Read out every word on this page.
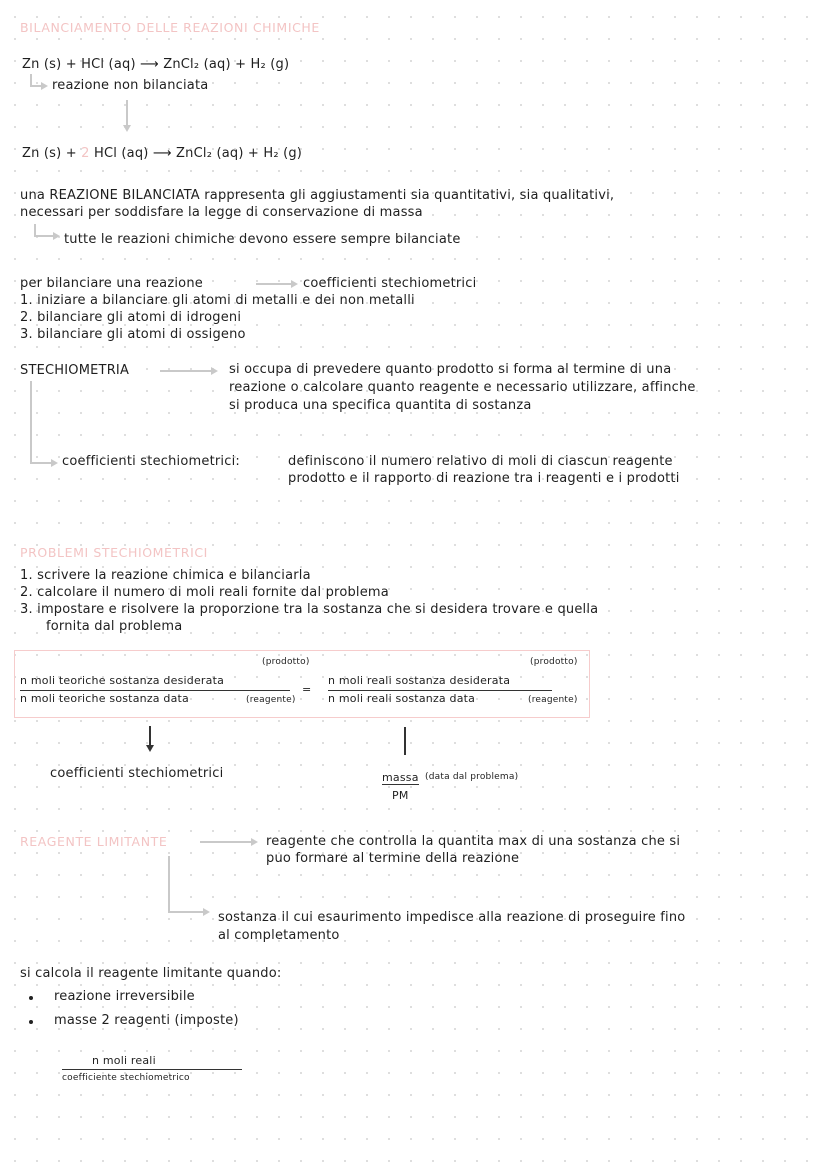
BILANCIAMENTO DELLE REAZIONI CHIMICHE
Zn (s) + HCl (aq) ⟶ ZnCl₂ (aq) + H₂ (g)
reazione non bilanciata
Zn (s) + 2 HCl (aq) ⟶ ZnCl₂ (aq) + H₂ (g)
una REAZIONE BILANCIATA rappresenta gli aggiustamenti sia quantitativi, sia qualitativi,
necessari per soddisfare la legge di conservazione di massa
tutte le reazioni chimiche devono essere sempre bilanciate
per bilanciare una reazione	coefficienti stechiometrici
1. iniziare a bilanciare gli atomi di metalli e dei non metalli
2. bilanciare gli atomi di idrogeni
3. bilanciare gli atomi di ossigeno
STECHIOMETRIA	si occupa di prevedere quanto prodotto si forma al termine di una
reazione o calcolare quanto reagente e necessario utilizzare, affinche
si produca una specifica quantita di sostanza
coefficienti stechiometrici:	definiscono il numero relativo di moli di ciascun reagente
prodotto e il rapporto di reazione tra i reagenti e i prodotti
PROBLEMI STECHIOMETRICI
1. scrivere la reazione chimica e bilanciarla
2. calcolare il numero di moli reali fornite dal problema
3. impostare e risolvere la proporzione tra la sostanza che si desidera trovare e quella
fornita dal problema
(prodotto)
n moli teoriche sostanza desiderata
n moli teoriche sostanza data	(reagente)
=
(prodotto)
n moli reali sostanza desiderata
n moli reali sostanza data	(reagente)
coefficienti stechiometrici	massa (data dal problema)
PM
REAGENTE LIMITANTE	reagente che controlla la quantita max di una sostanza che si
puo formare al termine della reazione
sostanza il cui esaurimento impedisce alla reazione di proseguire fino
al completamento
si calcola il reagente limitante quando:
reazione irreversibile
masse 2 reagenti (imposte)
n moli reali
coefficiente stechiometrico
